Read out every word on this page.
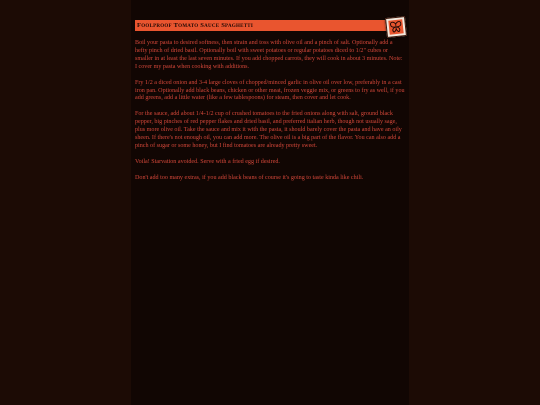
Foolproof Tomato Sauce Spaghetti

Boil your pasta to desired softness, then strain and toss with olive oil and a pinch of salt. Optionally add a hefty pinch of dried basil. Optionally boil with sweet potatoes or regular potatoes diced to 1/2" cubes or smaller in at least the last seven minutes. If you add chopped carrots, they will cook in about 3 minutes. Note: I cover my pasta when cooking with additions.

Fry 1/2 a diced onion and 3-4 large cloves of chopped/minced garlic in olive oil over low, preferably in a cast iron pan. Optionally add black beans, chicken or other meat, frozen veggie mix, or greens to fry as well, if you add greens, add a little water (like a few tablespoons) for steam, then cover and let cook.

For the sauce, add about 1/4-1/2 cup of crushed tomatoes to the fried onions along with salt, ground black pepper, big pinches of red pepper flakes and dried basil, and preferred italian herb, though not usually sage, plus more olive oil. Take the sauce and mix it with the pasta, it should barely cover the pasta and have an oily sheen. If there's not enough oil, you can add more. The olive oil is a big part of the flavor. You can also add a pinch of sugar or some honey, but I find tomatoes are already pretty sweet.

Voila! Starvation avoided. Serve with a fried egg if desired.

Don't add too many extras, if you add black beans of course it's going to taste kinda like chili.
